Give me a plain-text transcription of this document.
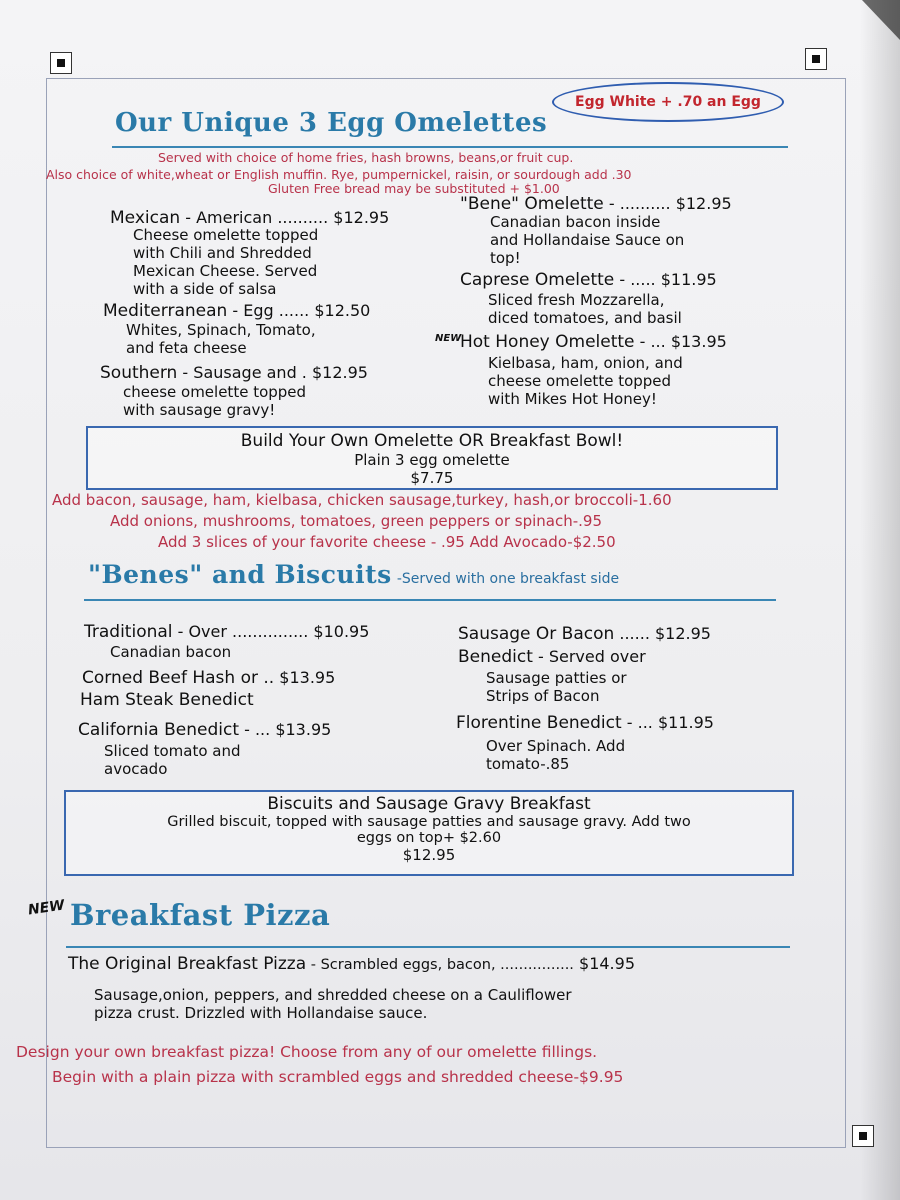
Egg White + .70 an Egg
Our Unique 3 Egg Omelettes
Served with choice of home fries, hash browns, beans,or fruit cup.
Also choice of white,wheat or English muffin. Rye, pumpernickel, raisin, or sourdough add .30
Gluten Free bread may be substituted + $1.00
Mexican - American .......... $12.95
Cheese omelette topped
with Chili and Shredded
Mexican Cheese. Served
with a side of salsa
Mediterranean - Egg ...... $12.50
Whites, Spinach, Tomato,
and feta cheese
Southern - Sausage and . $12.95
cheese omelette topped
with sausage gravy!
"Bene" Omelette - .......... $12.95
Canadian bacon inside
and Hollandaise Sauce on
top!
Caprese Omelette - ..... $11.95
Sliced fresh Mozzarella,
diced tomatoes, and basil
NEW
Hot Honey Omelette - ... $13.95
Kielbasa, ham, onion, and
cheese omelette topped
with Mikes Hot Honey!
Build Your Own Omelette OR Breakfast Bowl!
Plain 3 egg omelette
$7.75
Add bacon, sausage, ham, kielbasa, chicken sausage,turkey, hash,or broccoli-1.60
Add onions, mushrooms, tomatoes, green peppers or spinach-.95
Add 3 slices of your favorite cheese - .95 Add Avocado-$2.50
"Benes" and Biscuits -Served with one breakfast side
Traditional - Over ............... $10.95
Canadian bacon
Corned Beef Hash or .. $13.95
Ham Steak Benedict
California Benedict - ... $13.95
Sliced tomato and
avocado
Sausage Or Bacon ...... $12.95
Benedict - Served over
Sausage patties or
Strips of Bacon
Florentine Benedict - ... $11.95
Over Spinach. Add
tomato-.85
Biscuits and Sausage Gravy Breakfast
Grilled biscuit, topped with sausage patties and sausage gravy. Add two
eggs on top+ $2.60
$12.95
NEW Breakfast Pizza
The Original Breakfast Pizza - Scrambled eggs, bacon, ................ $14.95
Sausage,onion, peppers, and shredded cheese on a Cauliflower
pizza crust. Drizzled with Hollandaise sauce.
Design your own breakfast pizza! Choose from any of our omelette fillings.
Begin with a plain pizza with scrambled eggs and shredded cheese-$9.95
